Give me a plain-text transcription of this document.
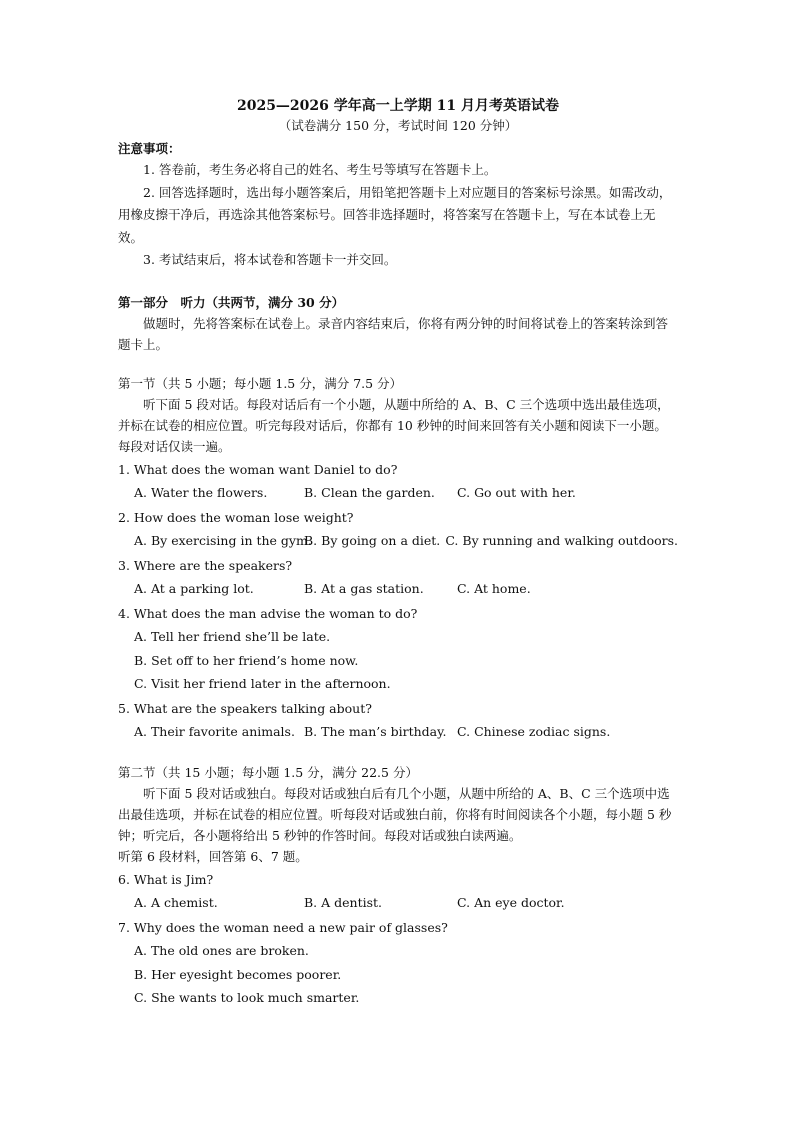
2025—2026 学年高一上学期 11 月月考英语试卷

（试卷满分 150 分，考试时间 120 分钟）

注意事项：

1. 答卷前，考生务必将自己的姓名、考生号等填写在答题卡上。

2. 回答选择题时，选出每小题答案后，用铅笔把答题卡上对应题目的答案标号涂黑。如需改动，用橡皮擦干净后，再选涂其他答案标号。回答非选择题时，将答案写在答题卡上，写在本试卷上无效。

3. 考试结束后，将本试卷和答题卡一并交回。

第一部分　听力（共两节，满分 30 分）

做题时，先将答案标在试卷上。录音内容结束后，你将有两分钟的时间将试卷上的答案转涂到答题卡上。

第一节（共 5 小题；每小题 1.5 分，满分 7.5 分）

听下面 5 段对话。每段对话后有一个小题，从题中所给的 A、B、C 三个选项中选出最佳选项，并标在试卷的相应位置。听完每段对话后，你都有 10 秒钟的时间来回答有关小题和阅读下一小题。每段对话仅读一遍。

1. What does the woman want Daniel to do?

A. Water the flowers.	B. Clean the garden.	C. Go out with her.

2. How does the woman lose weight?

A. By exercising in the gym.
B. By going on a diet. C. By running and walking outdoors.

3. Where are the speakers?

A. At a parking lot.	B. At a gas station.	C. At home.

4. What does the man advise the woman to do?

A. Tell her friend she’ll be late.

B. Set off to her friend’s home now.

C. Visit her friend later in the afternoon.

5. What are the speakers talking about?

A. Their favorite animals. B. The man’s birthday. C. Chinese zodiac signs.

第二节（共 15 小题；每小题 1.5 分，满分 22.5 分）

听下面 5 段对话或独白。每段对话或独白后有几个小题，从题中所给的 A、B、C 三个选项中选出最佳选项，并标在试卷的相应位置。听每段对话或独白前，你将有时间阅读各个小题，每小题 5 秒钟；听完后，各小题将给出 5 秒钟的作答时间。每段对话或独白读两遍。

听第 6 段材料，回答第 6、7 题。

6. What is Jim?

A. A chemist.	B. A dentist.	C. An eye doctor.

7. Why does the woman need a new pair of glasses?

A. The old ones are broken.

B. Her eyesight becomes poorer.

C. She wants to look much smarter.
